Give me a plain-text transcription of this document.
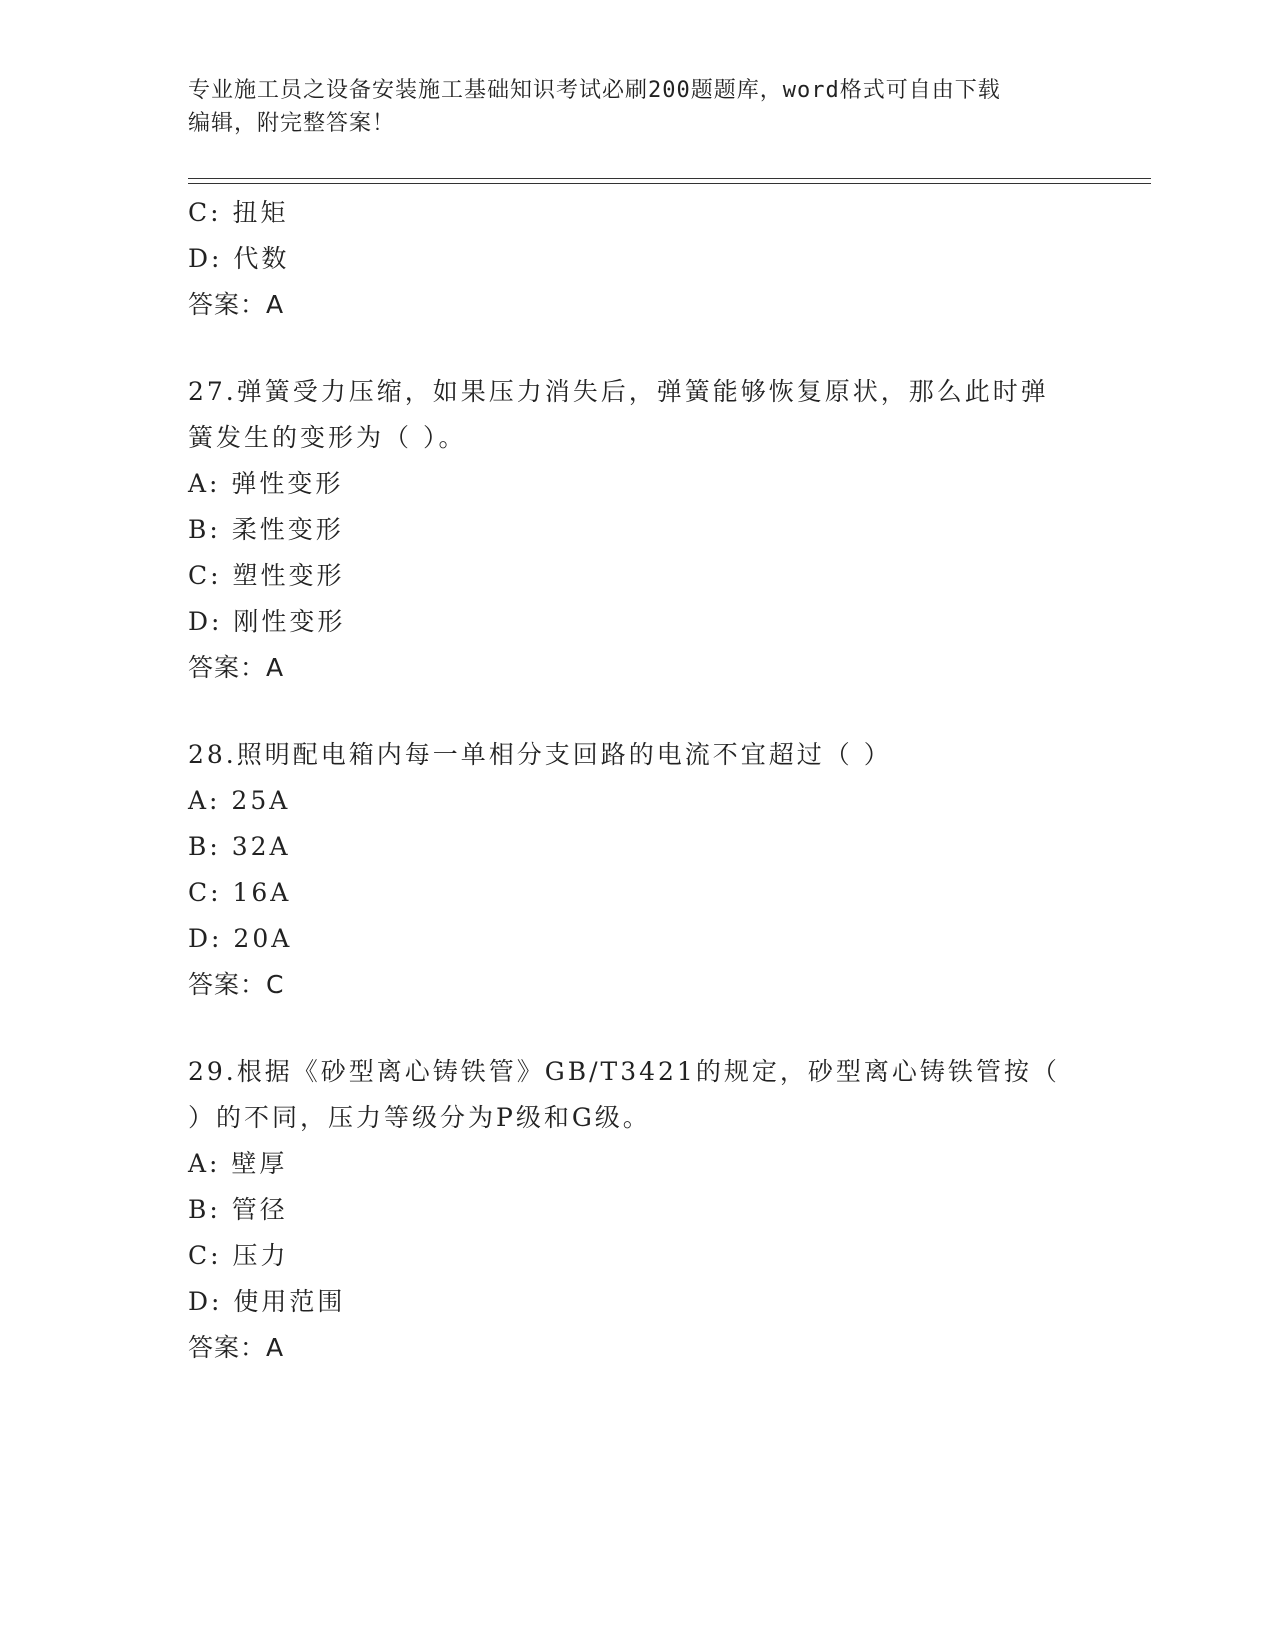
专业施工员之设备安装施工基础知识考试必刷200题题库，word格式可自由下载
编辑，附完整答案！
C: 扭矩
D: 代数
答案：A
27.弹簧受力压缩，如果压力消失后，弹簧能够恢复原状，那么此时弹
簧发生的变形为（ ）。
A: 弹性变形
B: 柔性变形
C: 塑性变形
D: 刚性变形
答案：A
28.照明配电箱内每一单相分支回路的电流不宜超过（ ）
A: 25A
B: 32A
C: 16A
D: 20A
答案：C
29.根据《砂型离心铸铁管》GB/T3421的规定，砂型离心铸铁管按（
）的不同，压力等级分为P级和G级。
A: 壁厚
B: 管径
C: 压力
D: 使用范围
答案：A
